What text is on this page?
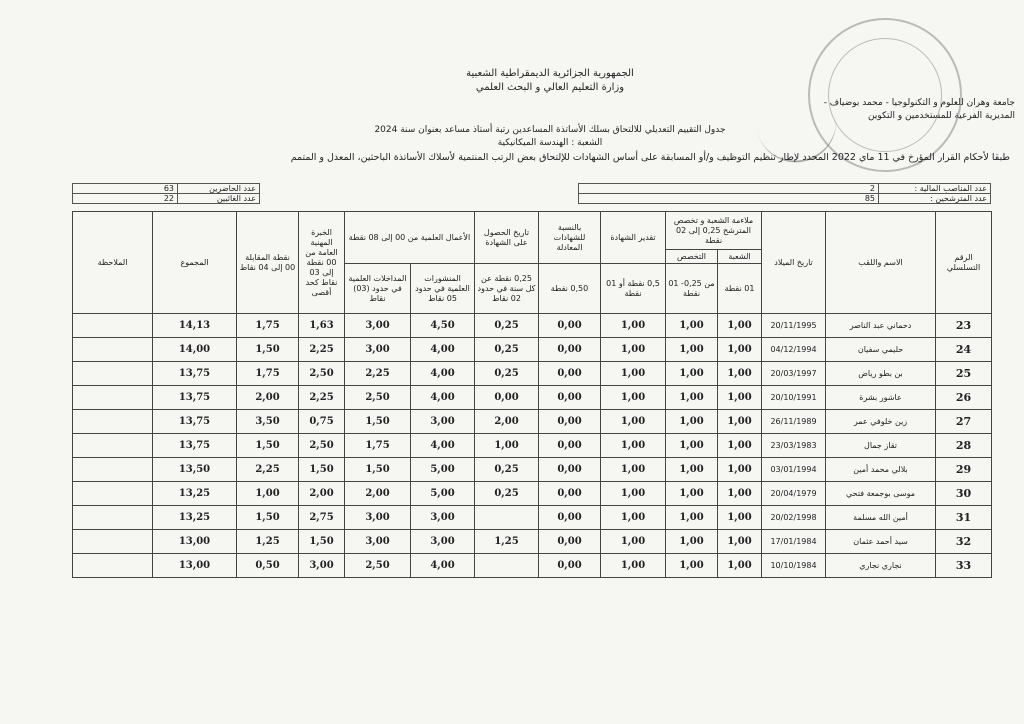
الجمهورية الجزائرية الديمقراطية الشعبية
وزارة التعليم العالي و البحث العلمي
جامعة وهران للعلوم و التكنولوجيا - محمد بوضياف -
المديرية الفرعية للمستخدمين و التكوين
جدول التقييم التعديلي للالتحاق بسلك الأساتذة المساعدين رتبة أستاذ مساعد بعنوان سنة 2024
الشعبة : الهندسة الميكانيكية
طبقا لأحكام القرار المؤرخ في 11 ماي 2022 المحدد لإطار تنظيم التوظيف و/أو المسابقة على أساس الشهادات للإلتحاق بعض الرتب المنتمية لأسلاك الأساتذة الباحثين، المعدل و المتمم
عدد المناصب المالية :	2
عدد المترشحين :	85
عدد الحاضرين	63
عدد الغائبين	22
الرقم التسلسلي	الاسم واللقب	تاريخ الميلاد	ملاءمة الشعبة و تخصص المترشح 0,25 إلى 02 نقطة		تقدير الشهادة	بالنسبة للشهادات المعادلة	تاريخ الحصول على الشهادة	الأعمال العلمية من 00 إلى 08 نقطة		الخبرة المهنية العامة من 00 نقطة إلى 03 نقاط كحد أقصى	نقطة المقابلة 00 إلى 04 نقاط	المجموع	الملاحظة
			الشعبة	التخصص									
			01 نقطة	من 0,25- 01 نقطة	0,5 نقطة أو 01 نقطة	0,50 نقطة	0,25 نقطة عن كل سنة في حدود 02 نقاط	المنشورات العلمية في حدود 05 نقاط	المداخلات العلمية في حدود (03) نقاط				
23	دحماني عبد الناصر	20/11/1995	1,00	1,00	1,00	0,00	0,25	4,50	3,00	1,63	1,75	14,13	
24	حليمي سفيان	04/12/1994	1,00	1,00	1,00	0,00	0,25	4,00	3,00	2,25	1,50	14,00	
25	بن بطو رياض	20/03/1997	1,00	1,00	1,00	0,00	0,25	4,00	2,25	2,50	1,75	13,75	
26	عاشور بشرة	20/10/1991	1,00	1,00	1,00	0,00	0,00	4,00	2,50	2,25	2,00	13,75	
27	زين خلوفي عمر	26/11/1989	1,00	1,00	1,00	0,00	2,00	3,00	1,50	0,75	3,50	13,75	
28	تقاز جمال	23/03/1983	1,00	1,00	1,00	0,00	1,00	4,00	1,75	2,50	1,50	13,75	
29	بلالي محمد أمين	03/01/1994	1,00	1,00	1,00	0,00	0,25	5,00	1,50	1,50	2,25	13,50	
30	موسى بوجمعة فتحي	20/04/1979	1,00	1,00	1,00	0,00	0,25	5,00	2,00	2,00	1,00	13,25	
31	أمين الله مسلمة	20/02/1998	1,00	1,00	1,00	0,00		3,00	3,00	2,75	1,50	13,25	
32	سيد أحمد عثمان	17/01/1984	1,00	1,00	1,00	0,00	1,25	3,00	3,00	1,50	1,25	13,00	
33	نجاري نجاري	10/10/1984	1,00	1,00	1,00	0,00		4,00	2,50	3,00	0,50	13,00	
